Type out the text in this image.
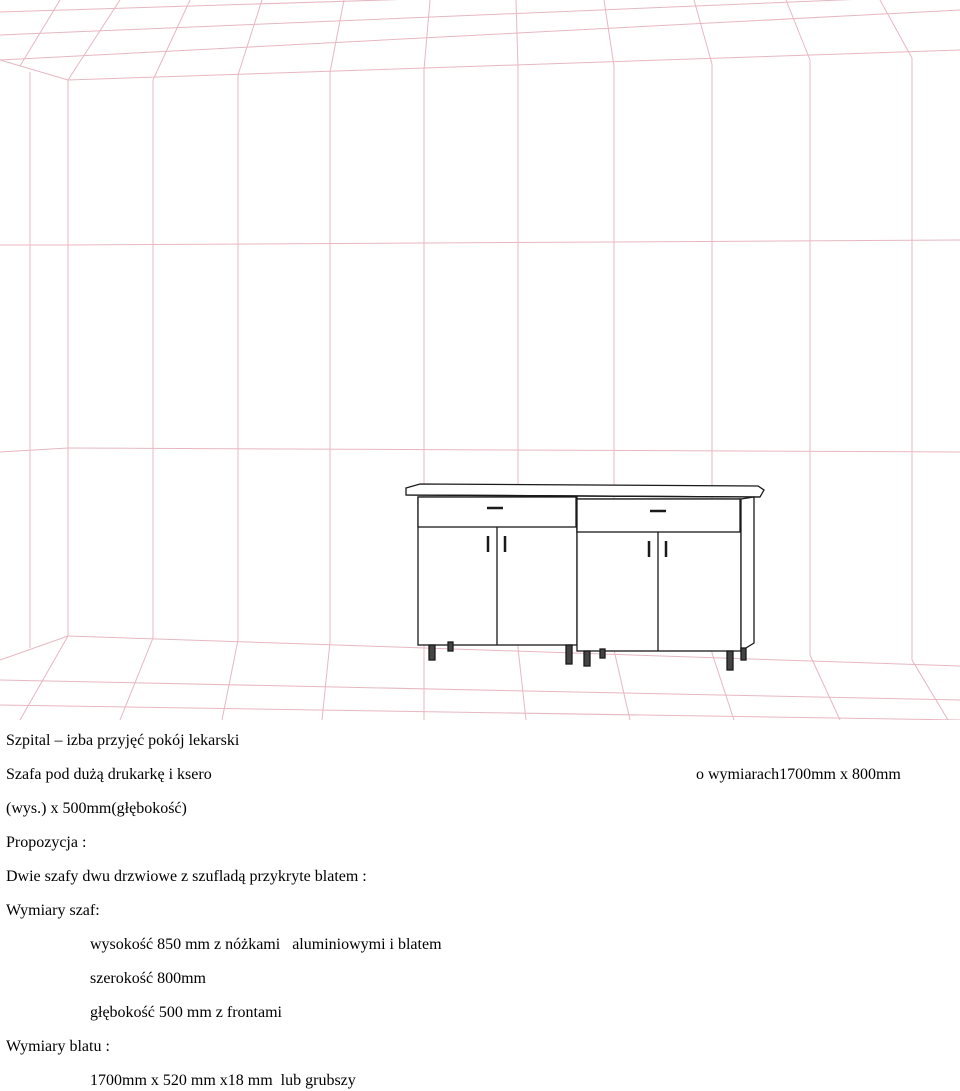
Szpital – izba przyjęć pokój lekarski
Szafa pod dużą drukarkę i ksero	o wymiarach1700mm x 800mm
(wys.) x 500mm(głębokość)
Propozycja :
Dwie szafy dwu drzwiowe z szufladą przykryte blatem :
Wymiary szaf:
wysokość 850 mm z nóżkami   aluminiowymi i blatem
szerokość 800mm
głębokość 500 mm z frontami
Wymiary blatu :
1700mm x 520 mm x18 mm  lub grubszy
